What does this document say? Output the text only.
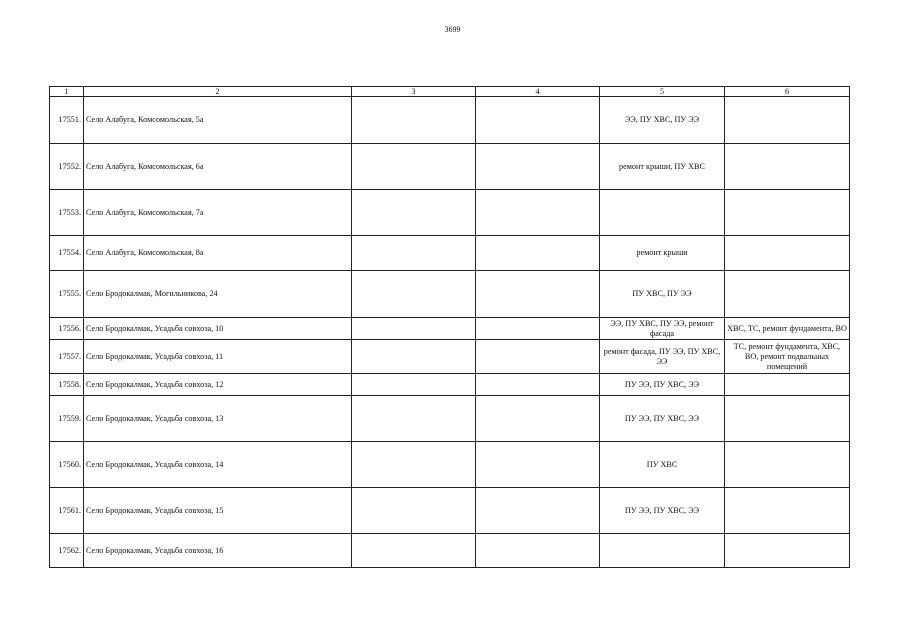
3699
1	2	3	4	5	6
17551.	Село Алабуга, Комсомольская, 5а			ЭЭ, ПУ ХВС, ПУ ЭЭ	
17552.	Село Алабуга, Комсомольская, 6а			ремонт крыши, ПУ ХВС	
17553.	Село Алабуга, Комсомольская, 7а				
17554.	Село Алабуга, Комсомольская, 8а			ремонт крыши	
17555.	Село Бродокалмак, Могильникова, 24			ПУ ХВС, ПУ ЭЭ	
17556.	Село Бродокалмак, Усадьба совхоза, 10			ЭЭ, ПУ ХВС, ПУ ЭЭ, ремонт фасада	ХВС, ТС, ремонт фундамента, ВО
17557.	Село Бродокалмак, Усадьба совхоза, 11			ремонт фасада, ПУ ЭЭ, ПУ ХВС, ЭЭ	ТС, ремонт фундамента, ХВС, ВО, ремонт подвальных помещений
17558.	Село Бродокалмак, Усадьба совхоза, 12			ПУ ЭЭ, ПУ ХВС, ЭЭ	
17559.	Село Бродокалмак, Усадьба совхоза, 13			ПУ ЭЭ, ПУ ХВС, ЭЭ	
17560.	Село Бродокалмак, Усадьба совхоза, 14			ПУ ХВС	
17561.	Село Бродокалмак, Усадьба совхоза, 15			ПУ ЭЭ, ПУ ХВС, ЭЭ	
17562.	Село Бродокалмак, Усадьба совхоза, 16				
